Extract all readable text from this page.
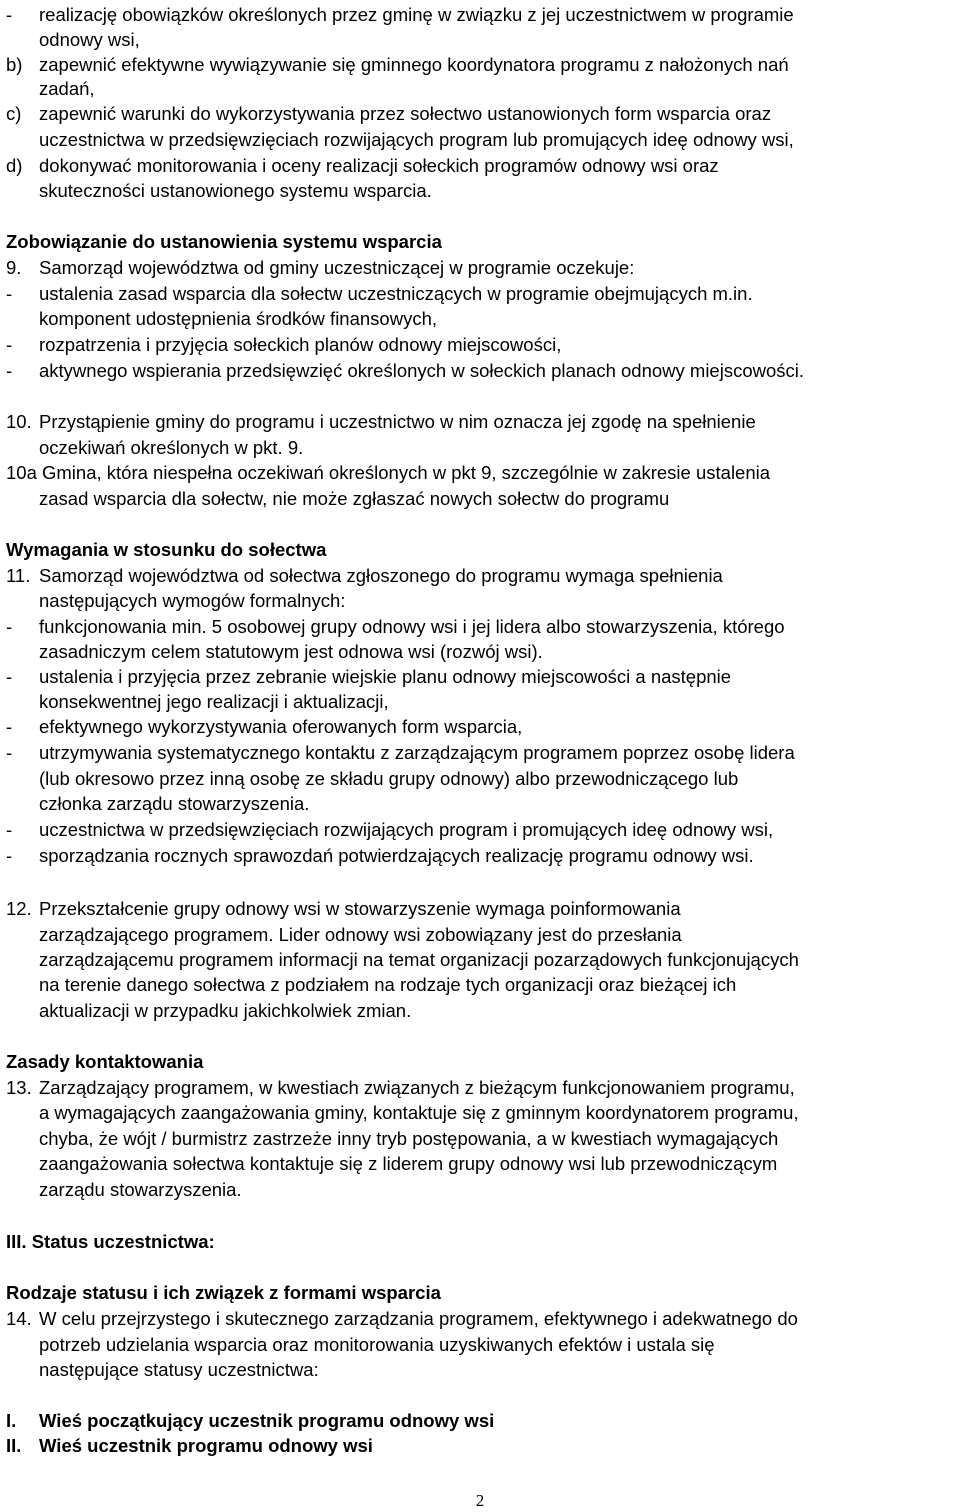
- realizację obowiązków określonych przez gminę w związku z jej uczestnictwem w programie
odnowy wsi,
b) zapewnić efektywne wywiązywanie się gminnego koordynatora programu z nałożonych nań
zadań,
c) zapewnić warunki do wykorzystywania przez sołectwo ustanowionych form wsparcia oraz
uczestnictwa w przedsięwzięciach rozwijających program lub promujących ideę odnowy wsi,
d) dokonywać monitorowania i oceny realizacji sołeckich programów odnowy wsi oraz
skuteczności ustanowionego systemu wsparcia.
Zobowiązanie do ustanowienia systemu wsparcia
9. Samorząd województwa od gminy uczestniczącej w programie oczekuje:
- ustalenia zasad wsparcia dla sołectw uczestniczących w programie obejmujących m.in.
komponent udostępnienia środków finansowych,
- rozpatrzenia i przyjęcia sołeckich planów odnowy miejscowości,
- aktywnego wspierania przedsięwzięć określonych w sołeckich planach odnowy miejscowości.
10. Przystąpienie gminy do programu i uczestnictwo w nim oznacza jej zgodę na spełnienie
oczekiwań określonych w pkt. 9.
10a Gmina, która niespełna oczekiwań określonych w pkt 9, szczególnie w zakresie ustalenia
zasad wsparcia dla sołectw, nie może zgłaszać nowych sołectw do programu
Wymagania w stosunku do sołectwa
11. Samorząd województwa od sołectwa zgłoszonego do programu wymaga spełnienia
następujących wymogów formalnych:
- funkcjonowania min. 5 osobowej grupy odnowy wsi i jej lidera albo stowarzyszenia, którego
zasadniczym celem statutowym jest odnowa wsi (rozwój wsi).
- ustalenia i przyjęcia przez zebranie wiejskie planu odnowy miejscowości a następnie
konsekwentnej jego realizacji i aktualizacji,
- efektywnego wykorzystywania oferowanych form wsparcia,
- utrzymywania systematycznego kontaktu z zarządzającym programem poprzez osobę lidera
(lub okresowo przez inną osobę ze składu grupy odnowy) albo przewodniczącego lub
członka zarządu stowarzyszenia.
- uczestnictwa w przedsięwzięciach rozwijających program i promujących ideę odnowy wsi,
- sporządzania rocznych sprawozdań potwierdzających realizację programu odnowy wsi.
12. Przekształcenie grupy odnowy wsi w stowarzyszenie wymaga poinformowania
zarządzającego programem. Lider odnowy wsi zobowiązany jest do przesłania
zarządzającemu programem informacji na temat organizacji pozarządowych funkcjonujących
na terenie danego sołectwa z podziałem na rodzaje tych organizacji oraz bieżącej ich
aktualizacji w przypadku jakichkolwiek zmian.
Zasady kontaktowania
13. Zarządzający programem, w kwestiach związanych z bieżącym funkcjonowaniem programu,
a wymagających zaangażowania gminy, kontaktuje się z gminnym koordynatorem programu,
chyba, że wójt / burmistrz zastrzeże inny tryb postępowania, a w kwestiach wymagających
zaangażowania sołectwa kontaktuje się z liderem grupy odnowy wsi lub przewodniczącym
zarządu stowarzyszenia.
III. Status uczestnictwa:
Rodzaje statusu i ich związek z formami wsparcia
14. W celu przejrzystego i skutecznego zarządzania programem, efektywnego i adekwatnego do
potrzeb udzielania wsparcia oraz monitorowania uzyskiwanych efektów i ustala się
następujące statusy uczestnictwa:
I. Wieś początkujący uczestnik programu odnowy wsi
II. Wieś uczestnik programu odnowy wsi
2
